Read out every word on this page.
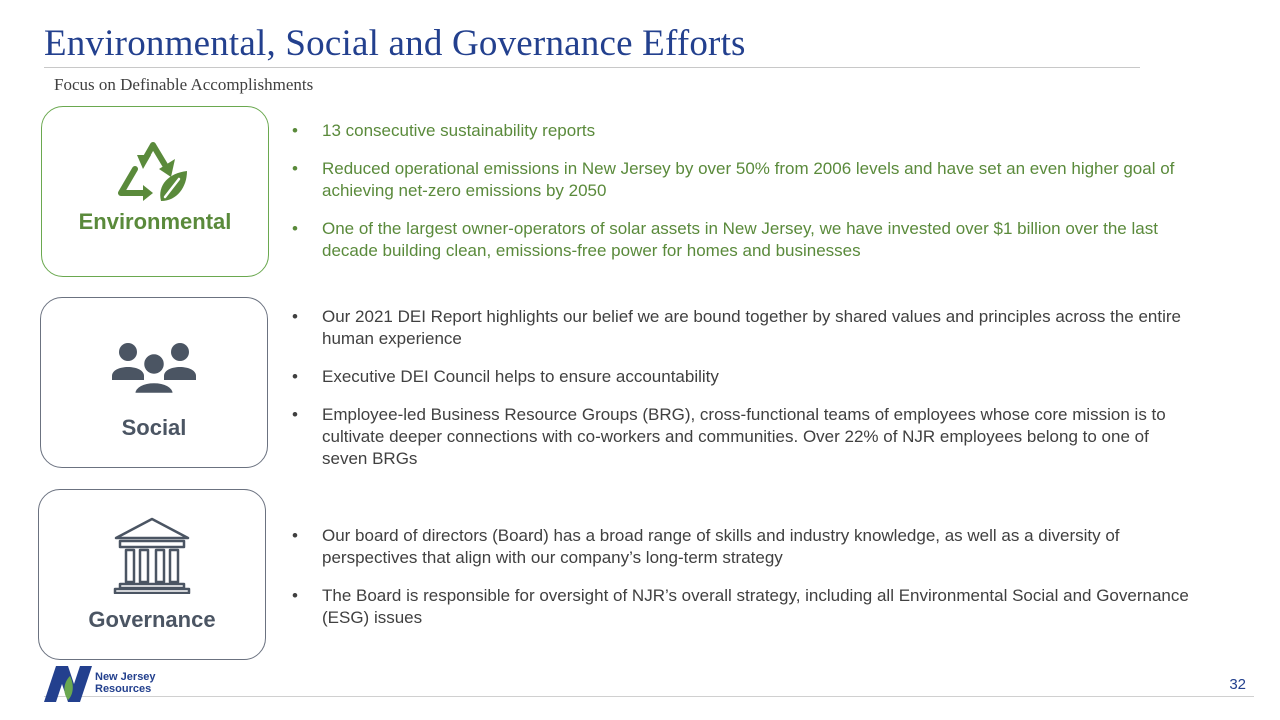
Environmental, Social and Governance Efforts
Focus on Definable Accomplishments
Environmental
• 13 consecutive sustainability reports
• Reduced operational emissions in New Jersey by over 50% from 2006 levels and have set an even higher goal of achieving net-zero emissions by 2050
• One of the largest owner-operators of solar assets in New Jersey, we have invested over $1 billion over the last decade building clean, emissions-free power for homes and businesses
Social
• Our 2021 DEI Report highlights our belief we are bound together by shared values and principles across the entire human experience
• Executive DEI Council helps to ensure accountability
• Employee-led Business Resource Groups (BRG), cross-functional teams of employees whose core mission is to cultivate deeper connections with co-workers and communities. Over 22% of NJR employees belong to one of seven BRGs
Governance
• Our board of directors (Board) has a broad range of skills and industry knowledge, as well as a diversity of perspectives that align with our company’s long-term strategy
• The Board is responsible for oversight of NJR’s overall strategy, including all Environmental Social and Governance (ESG) issues
New Jersey
Resources	32
